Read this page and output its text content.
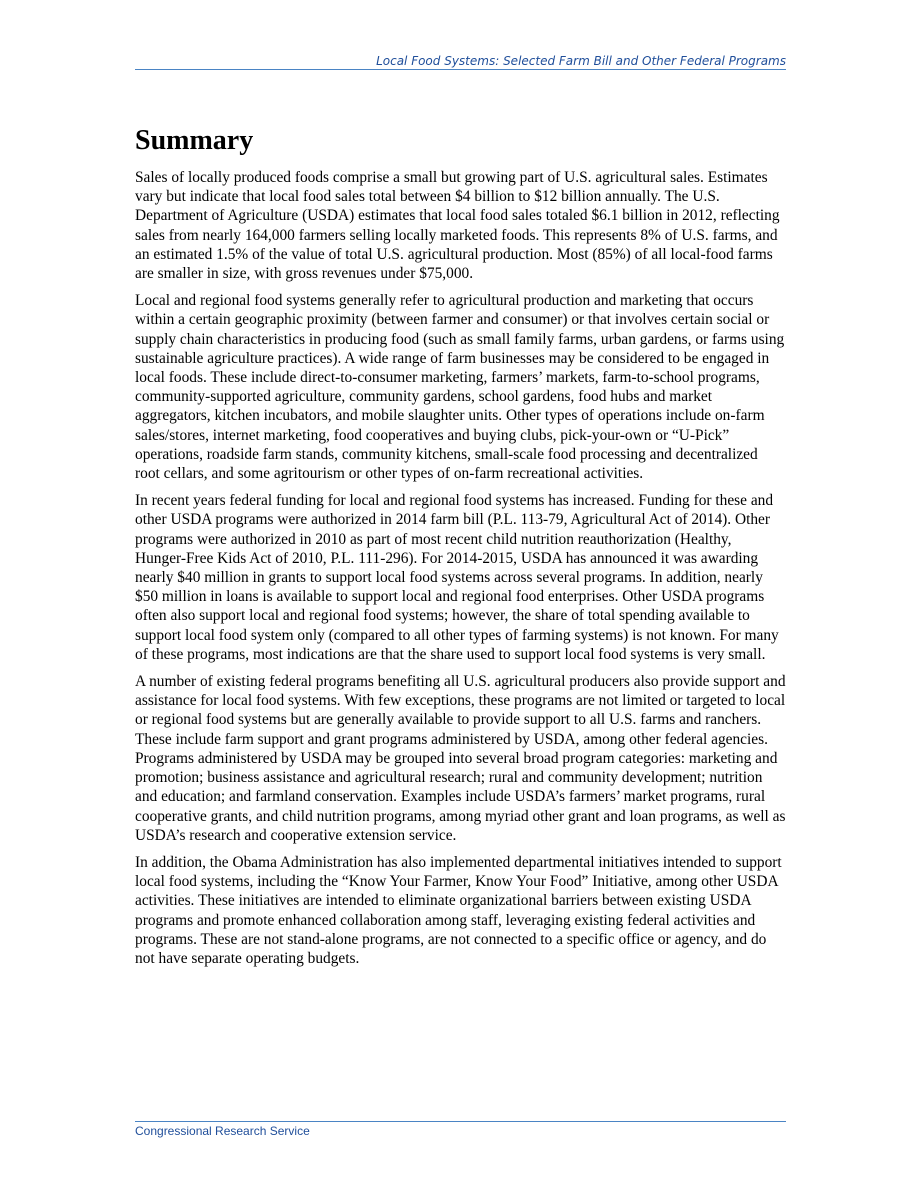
Local Food Systems: Selected Farm Bill and Other Federal Programs
Summary

Sales of locally produced foods comprise a small but growing part of U.S. agricultural sales. Estimates vary but indicate that local food sales total between $4 billion to $12 billion annually. The U.S. Department of Agriculture (USDA) estimates that local food sales totaled $6.1 billion in 2012, reflecting sales from nearly 164,000 farmers selling locally marketed foods. This represents 8% of U.S. farms, and an estimated 1.5% of the value of total U.S. agricultural production. Most (85%) of all local-food farms are smaller in size, with gross revenues under $75,000.

Local and regional food systems generally refer to agricultural production and marketing that occurs within a certain geographic proximity (between farmer and consumer) or that involves certain social or supply chain characteristics in producing food (such as small family farms, urban gardens, or farms using sustainable agriculture practices). A wide range of farm businesses may be considered to be engaged in local foods. These include direct-to-consumer marketing, farmers’ markets, farm-to-school programs, community-supported agriculture, community gardens, school gardens, food hubs and market aggregators, kitchen incubators, and mobile slaughter units. Other types of operations include on-farm sales/stores, internet marketing, food cooperatives and buying clubs, pick-your-own or “U-Pick” operations, roadside farm stands, community kitchens, small-scale food processing and decentralized root cellars, and some agritourism or other types of on-farm recreational activities.

In recent years federal funding for local and regional food systems has increased. Funding for these and other USDA programs were authorized in 2014 farm bill (P.L. 113-79, Agricultural Act of 2014). Other programs were authorized in 2010 as part of most recent child nutrition reauthorization (Healthy, Hunger-Free Kids Act of 2010, P.L. 111-296). For 2014-2015, USDA has announced it was awarding nearly $40 million in grants to support local food systems across several programs. In addition, nearly $50 million in loans is available to support local and regional food enterprises. Other USDA programs often also support local and regional food systems; however, the share of total spending available to support local food system only (compared to all other types of farming systems) is not known. For many of these programs, most indications are that the share used to support local food systems is very small.

A number of existing federal programs benefiting all U.S. agricultural producers also provide support and assistance for local food systems. With few exceptions, these programs are not limited or targeted to local or regional food systems but are generally available to provide support to all U.S. farms and ranchers. These include farm support and grant programs administered by USDA, among other federal agencies. Programs administered by USDA may be grouped into several broad program categories: marketing and promotion; business assistance and agricultural research; rural and community development; nutrition and education; and farmland conservation. Examples include USDA’s farmers’ market programs, rural cooperative grants, and child nutrition programs, among myriad other grant and loan programs, as well as USDA’s research and cooperative extension service.

In addition, the Obama Administration has also implemented departmental initiatives intended to support local food systems, including the “Know Your Farmer, Know Your Food” Initiative, among other USDA activities. These initiatives are intended to eliminate organizational barriers between existing USDA programs and promote enhanced collaboration among staff, leveraging existing federal activities and programs. These are not stand-alone programs, are not connected to a specific office or agency, and do not have separate operating budgets.

Congressional Research Service
